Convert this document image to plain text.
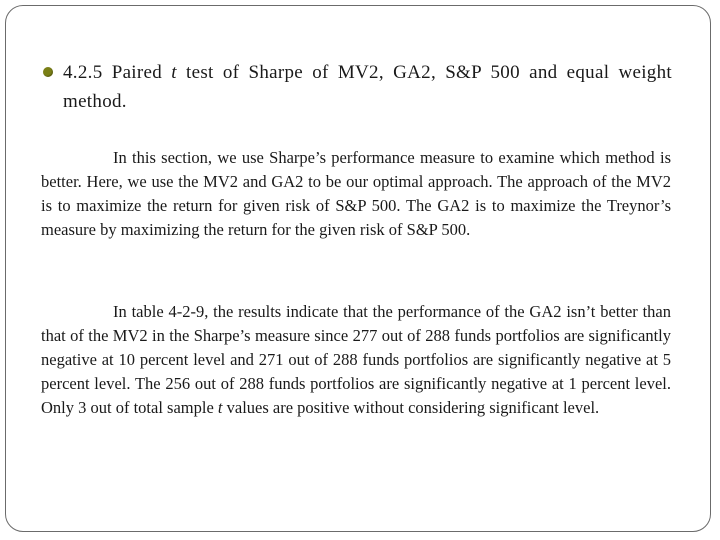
4.2.5 Paired t test of Sharpe of MV2, GA2, S&P 500 and equal weight method.
In this section, we use Sharpe’s performance measure to examine which method is better. Here, we use the MV2 and GA2 to be our optimal approach. The approach of the MV2 is to maximize the return for given risk of S&P 500. The GA2 is to maximize the Treynor’s measure by maximizing the return for the given risk of S&P 500.
In table 4-2-9, the results indicate that the performance of the GA2 isn’t better than that of the MV2 in the Sharpe’s measure since 277 out of 288 funds portfolios are significantly negative at 10 percent level and 271 out of 288 funds portfolios are significantly negative at 5 percent level. The 256 out of 288 funds portfolios are significantly negative at 1 percent level. Only 3 out of total sample t values are positive without considering significant level.
